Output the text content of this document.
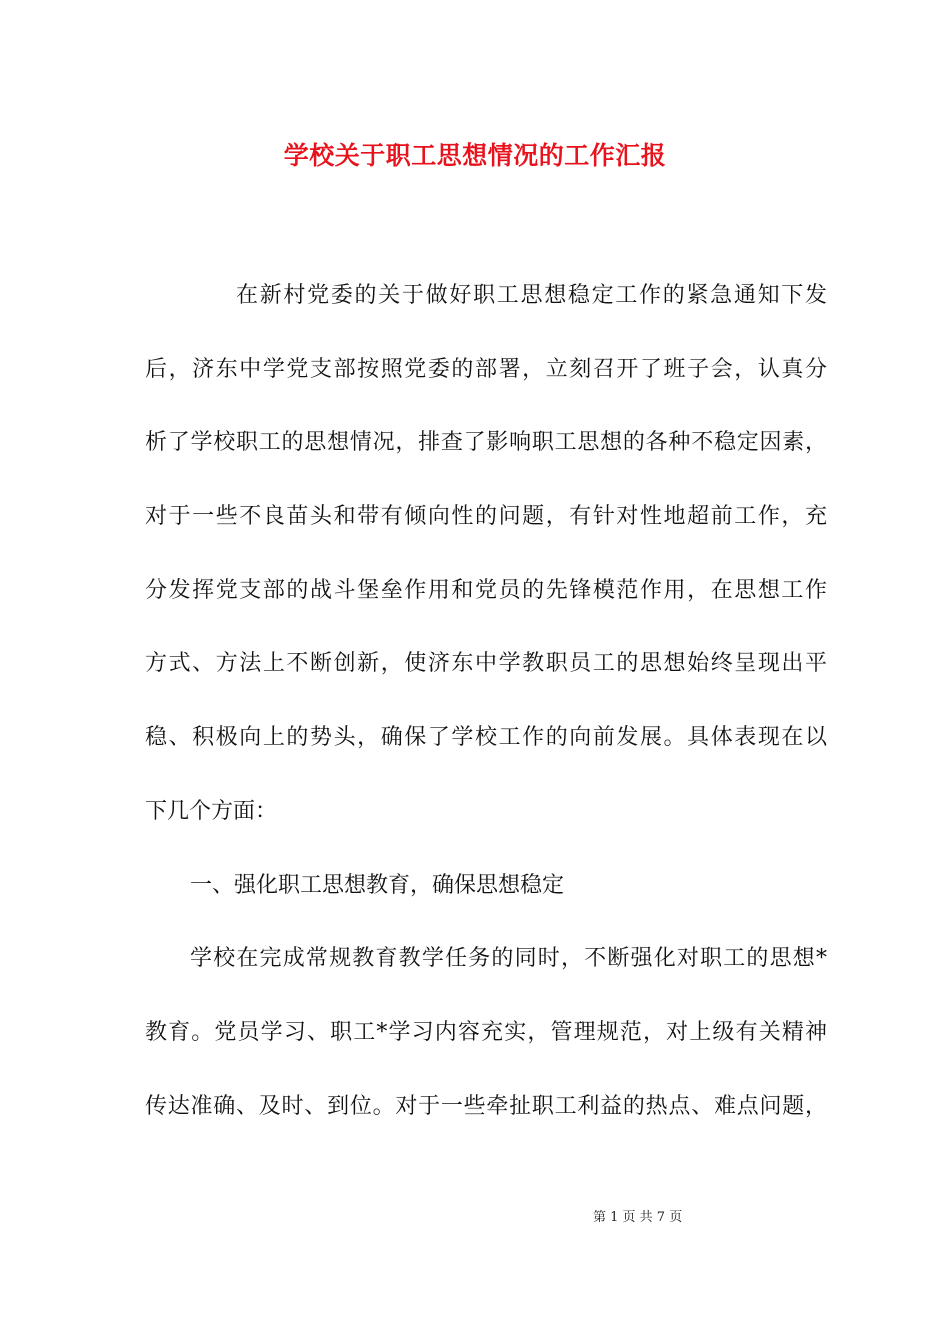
学校关于职工思想情况的工作汇报
在新村党委的关于做好职工思想稳定工作的紧急通知下发
后，济东中学党支部按照党委的部署，立刻召开了班子会，认真分
析了学校职工的思想情况，排查了影响职工思想的各种不稳定因素，
对于一些不良苗头和带有倾向性的问题，有针对性地超前工作，充
分发挥党支部的战斗堡垒作用和党员的先锋模范作用，在思想工作
方式、方法上不断创新，使济东中学教职员工的思想始终呈现出平
稳、积极向上的势头，确保了学校工作的向前发展。具体表现在以
下几个方面：
一、强化职工思想教育，确保思想稳定
学校在完成常规教育教学任务的同时，不断强化对职工的思想*
教育。党员学习、职工*学习内容充实，管理规范，对上级有关精神
传达准确、及时、到位。对于一些牵扯职工利益的热点、难点问题，
第 1 页 共 7 页
